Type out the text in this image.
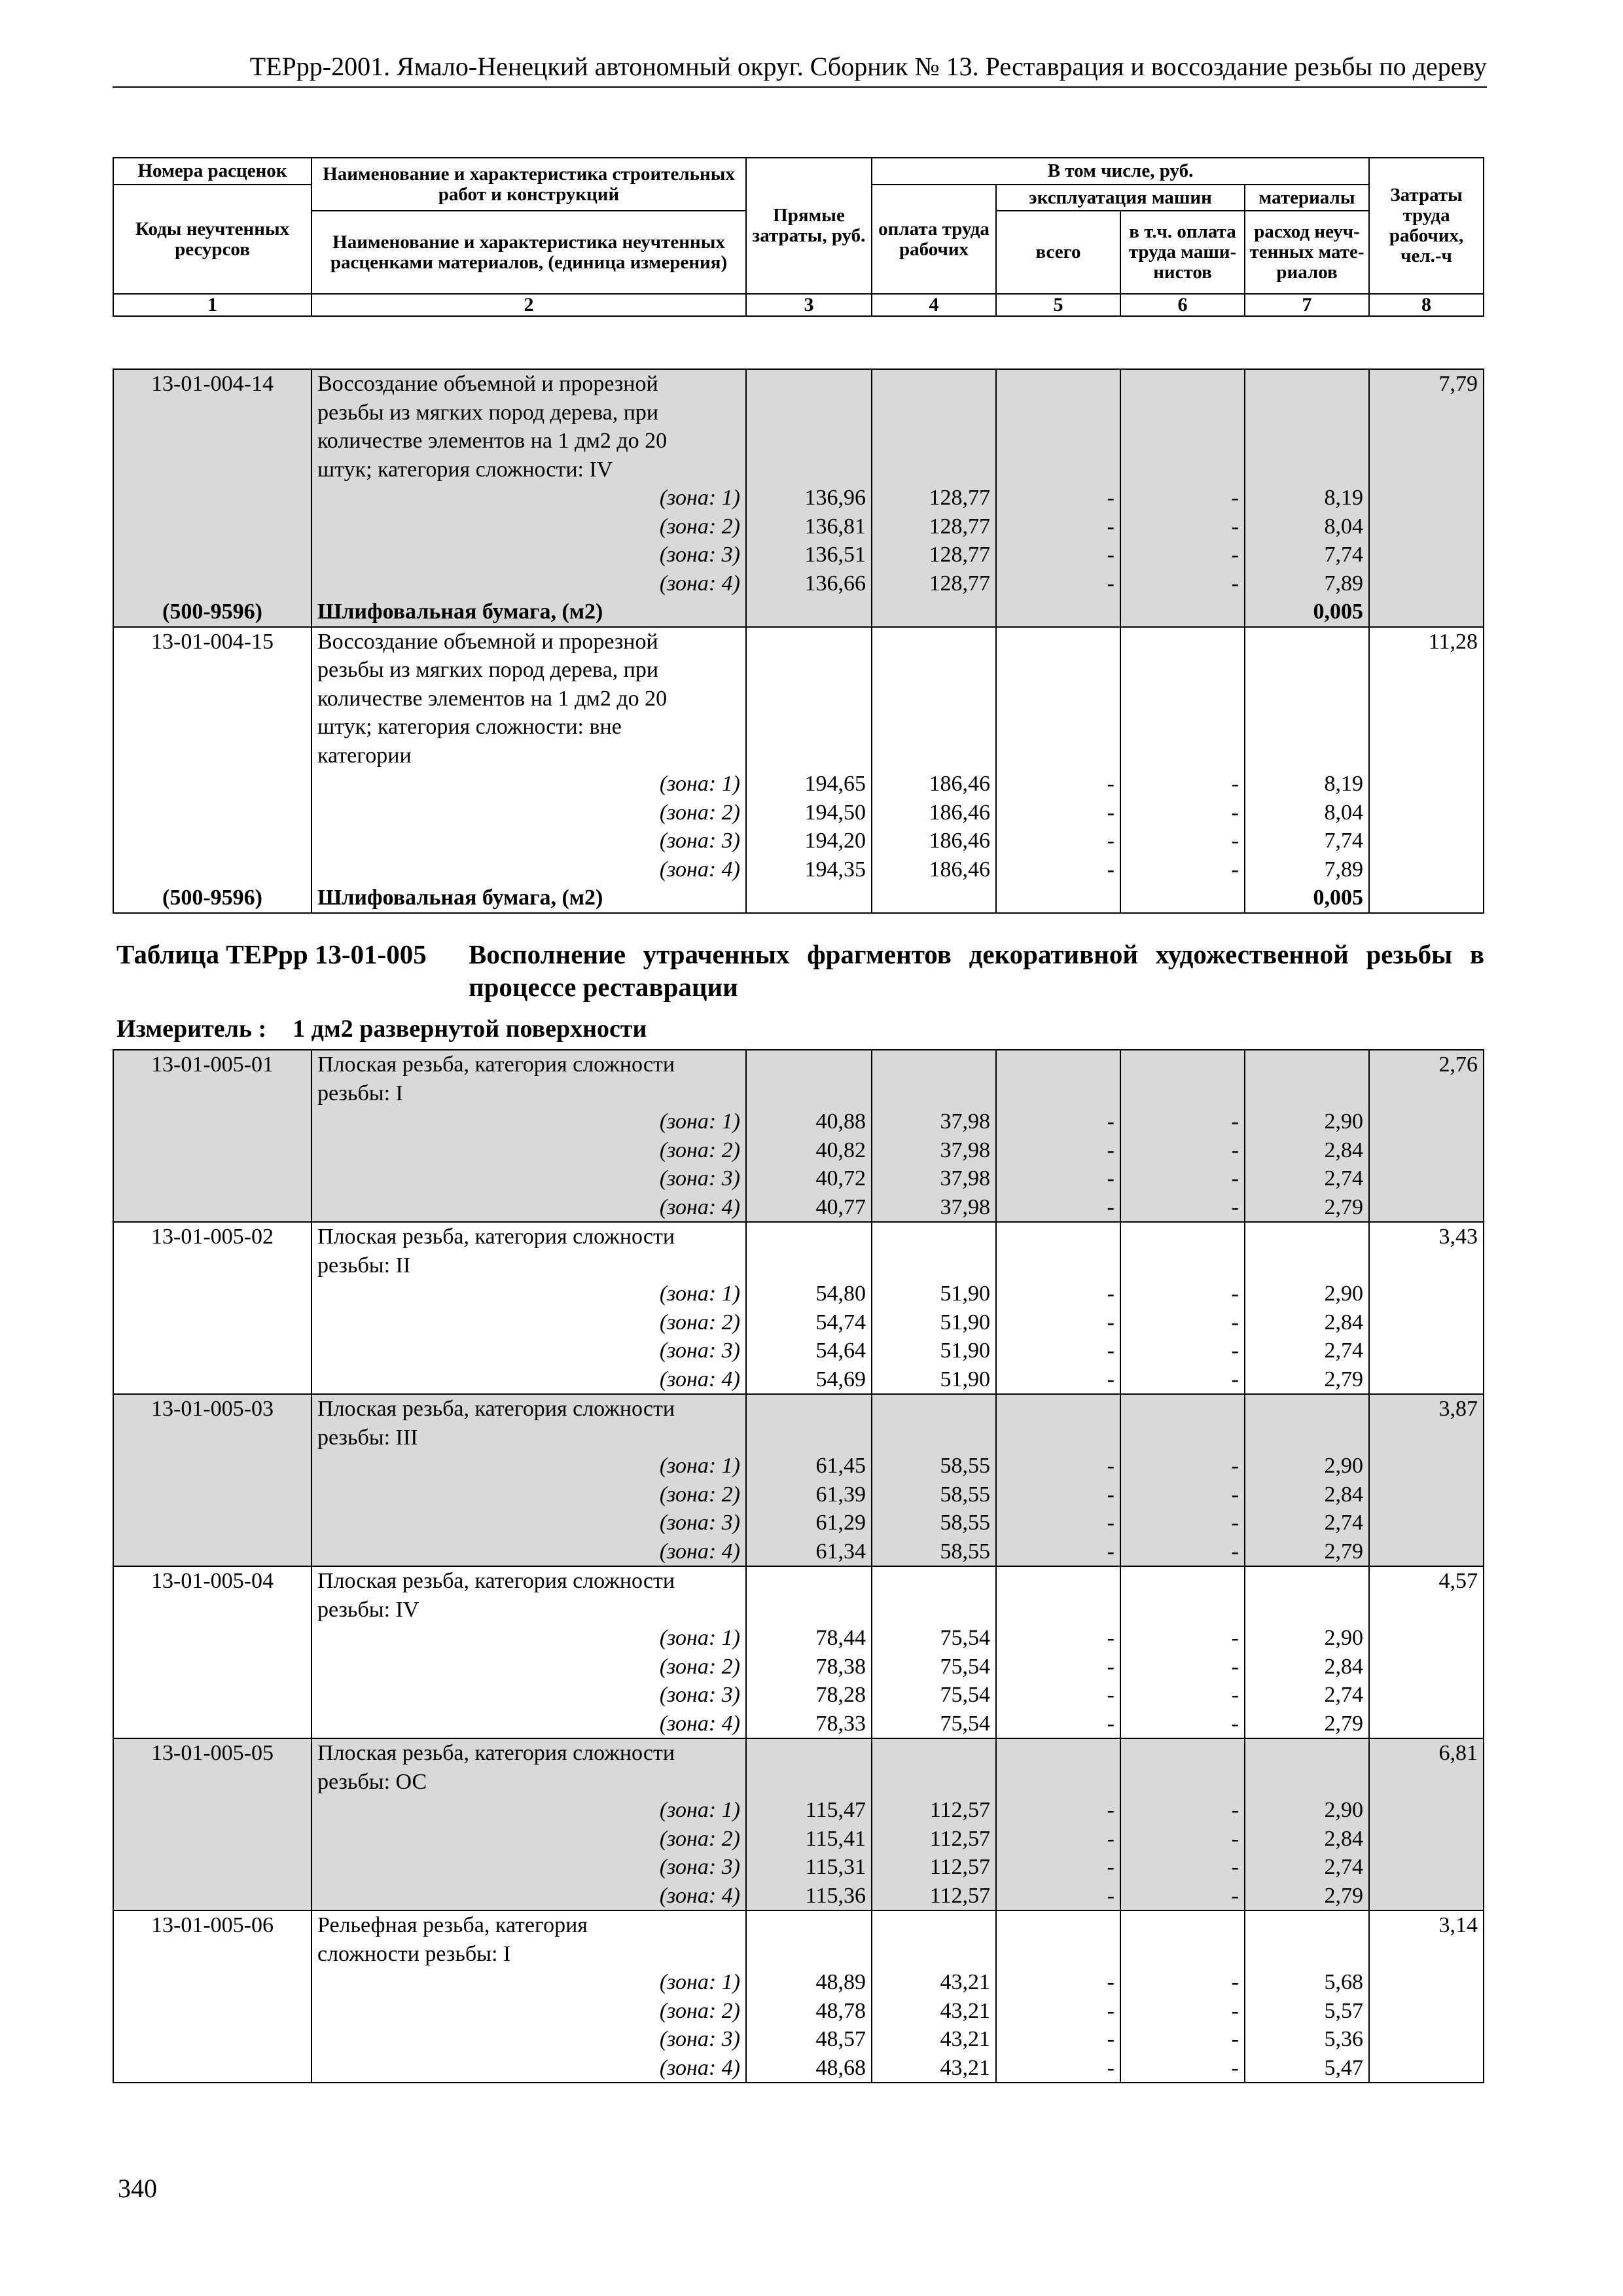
ТЕРрр-2001. Ямало-Ненецкий автономный округ. Сборник № 13. Реставрация и воссоздание резьбы по дереву
Номера расценок	Наименование и характеристика строительных работ и конструкций	Прямые затраты, руб.	В том числе, руб.				Затраты труда рабочих, чел.-ч
Коды неучтенных ресурсов			оплата труда рабочих	эксплуатация машин		материалы	
	Наименование и характеристика неучтенных расценками материалов, (единица измерения)			всего	в т.ч. оплата труда маши-нистов	расход неуч-тенных мате-риалов	

1	2	3	4	5	6	7	8
13-01-004-14	Воссоздание объемной и прорезной						7,79
	резьбы из мягких пород дерева, при						
	количестве элементов на 1 дм2 до 20						
	штук; категория сложности: IV						
	(зона: 1)	136,96	128,77	-	-	8,19	
	(зона: 2)	136,81	128,77	-	-	8,04	
	(зона: 3)	136,51	128,77	-	-	7,74	
	(зона: 4)	136,66	128,77	-	-	7,89	
(500-9596)	Шлифовальная бумага, (м2)					0,005	
13-01-004-15	Воссоздание объемной и прорезной						11,28
	резьбы из мягких пород дерева, при						
	количестве элементов на 1 дм2 до 20						
	штук; категория сложности: вне						
	категории						
	(зона: 1)	194,65	186,46	-	-	8,19	
	(зона: 2)	194,50	186,46	-	-	8,04	
	(зона: 3)	194,20	186,46	-	-	7,74	
	(зона: 4)	194,35	186,46	-	-	7,89	
(500-9596)	Шлифовальная бумага, (м2)					0,005	
Таблица ТЕРрр 13-01-005 Восполнение утраченных фрагментов декоративной художественной резьбы в процессе реставрации
Измеритель : 1 дм2 развернутой поверхности
13-01-005-01	Плоская резьба, категория сложности						2,76
	резьбы: I						
	(зона: 1)	40,88	37,98	-	-	2,90	
	(зона: 2)	40,82	37,98	-	-	2,84	
	(зона: 3)	40,72	37,98	-	-	2,74	
	(зона: 4)	40,77	37,98	-	-	2,79	
13-01-005-02	Плоская резьба, категория сложности						3,43
	резьбы: II						
	(зона: 1)	54,80	51,90	-	-	2,90	
	(зона: 2)	54,74	51,90	-	-	2,84	
	(зона: 3)	54,64	51,90	-	-	2,74	
	(зона: 4)	54,69	51,90	-	-	2,79	
13-01-005-03	Плоская резьба, категория сложности						3,87
	резьбы: III						
	(зона: 1)	61,45	58,55	-	-	2,90	
	(зона: 2)	61,39	58,55	-	-	2,84	
	(зона: 3)	61,29	58,55	-	-	2,74	
	(зона: 4)	61,34	58,55	-	-	2,79	
13-01-005-04	Плоская резьба, категория сложности						4,57
	резьбы: IV						
	(зона: 1)	78,44	75,54	-	-	2,90	
	(зона: 2)	78,38	75,54	-	-	2,84	
	(зона: 3)	78,28	75,54	-	-	2,74	
	(зона: 4)	78,33	75,54	-	-	2,79	
13-01-005-05	Плоская резьба, категория сложности						6,81
	резьбы: ОС						
	(зона: 1)	115,47	112,57	-	-	2,90	
	(зона: 2)	115,41	112,57	-	-	2,84	
	(зона: 3)	115,31	112,57	-	-	2,74	
	(зона: 4)	115,36	112,57	-	-	2,79	
13-01-005-06	Рельефная резьба, категория						3,14
	сложности резьбы: I						
	(зона: 1)	48,89	43,21	-	-	5,68	
	(зона: 2)	48,78	43,21	-	-	5,57	
	(зона: 3)	48,57	43,21	-	-	5,36	
	(зона: 4)	48,68	43,21	-	-	5,47	
340
